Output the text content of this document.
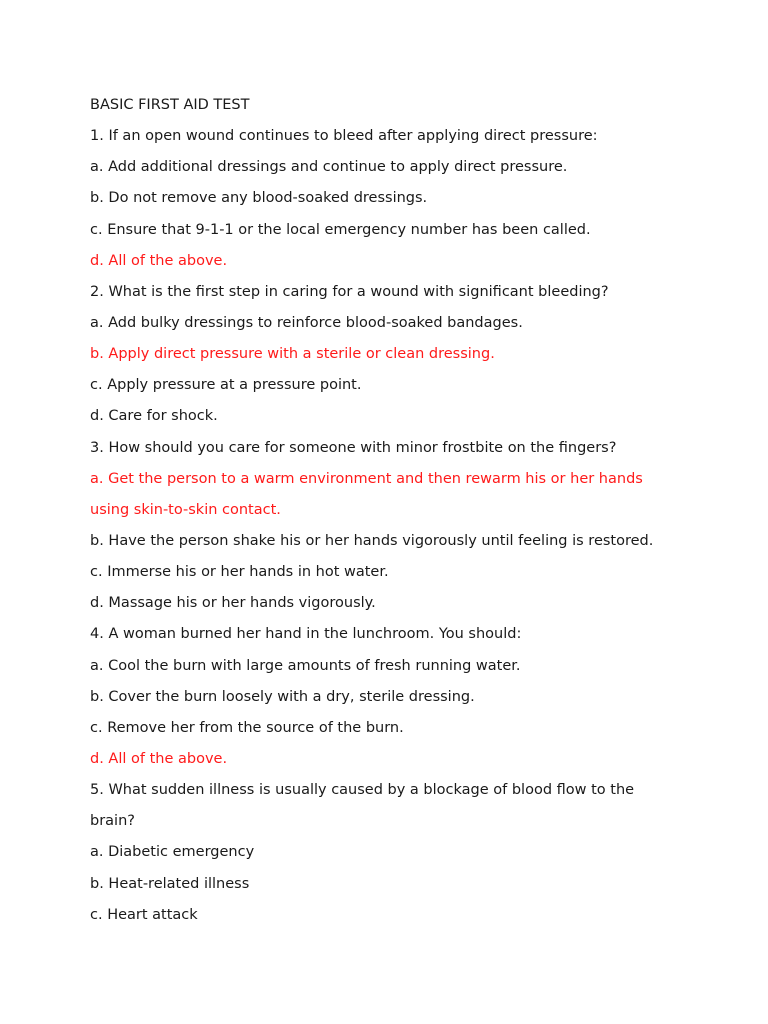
BASIC FIRST AID TEST
1. If an open wound continues to bleed after applying direct pressure:
a. Add additional dressings and continue to apply direct pressure.
b. Do not remove any blood-soaked dressings.
c. Ensure that 9-1-1 or the local emergency number has been called.
d. All of the above.
2. What is the first step in caring for a wound with significant bleeding?
a. Add bulky dressings to reinforce blood-soaked bandages.
b. Apply direct pressure with a sterile or clean dressing.
c. Apply pressure at a pressure point.
d. Care for shock.
3. How should you care for someone with minor frostbite on the fingers?
a. Get the person to a warm environment and then rewarm his or her hands
using skin-to-skin contact.
b. Have the person shake his or her hands vigorously until feeling is restored.
c. Immerse his or her hands in hot water.
d. Massage his or her hands vigorously.
4. A woman burned her hand in the lunchroom. You should:
a. Cool the burn with large amounts of fresh running water.
b. Cover the burn loosely with a dry, sterile dressing.
c. Remove her from the source of the burn.
d. All of the above.
5. What sudden illness is usually caused by a blockage of blood flow to the
brain?
a. Diabetic emergency
b. Heat-related illness
c. Heart attack
